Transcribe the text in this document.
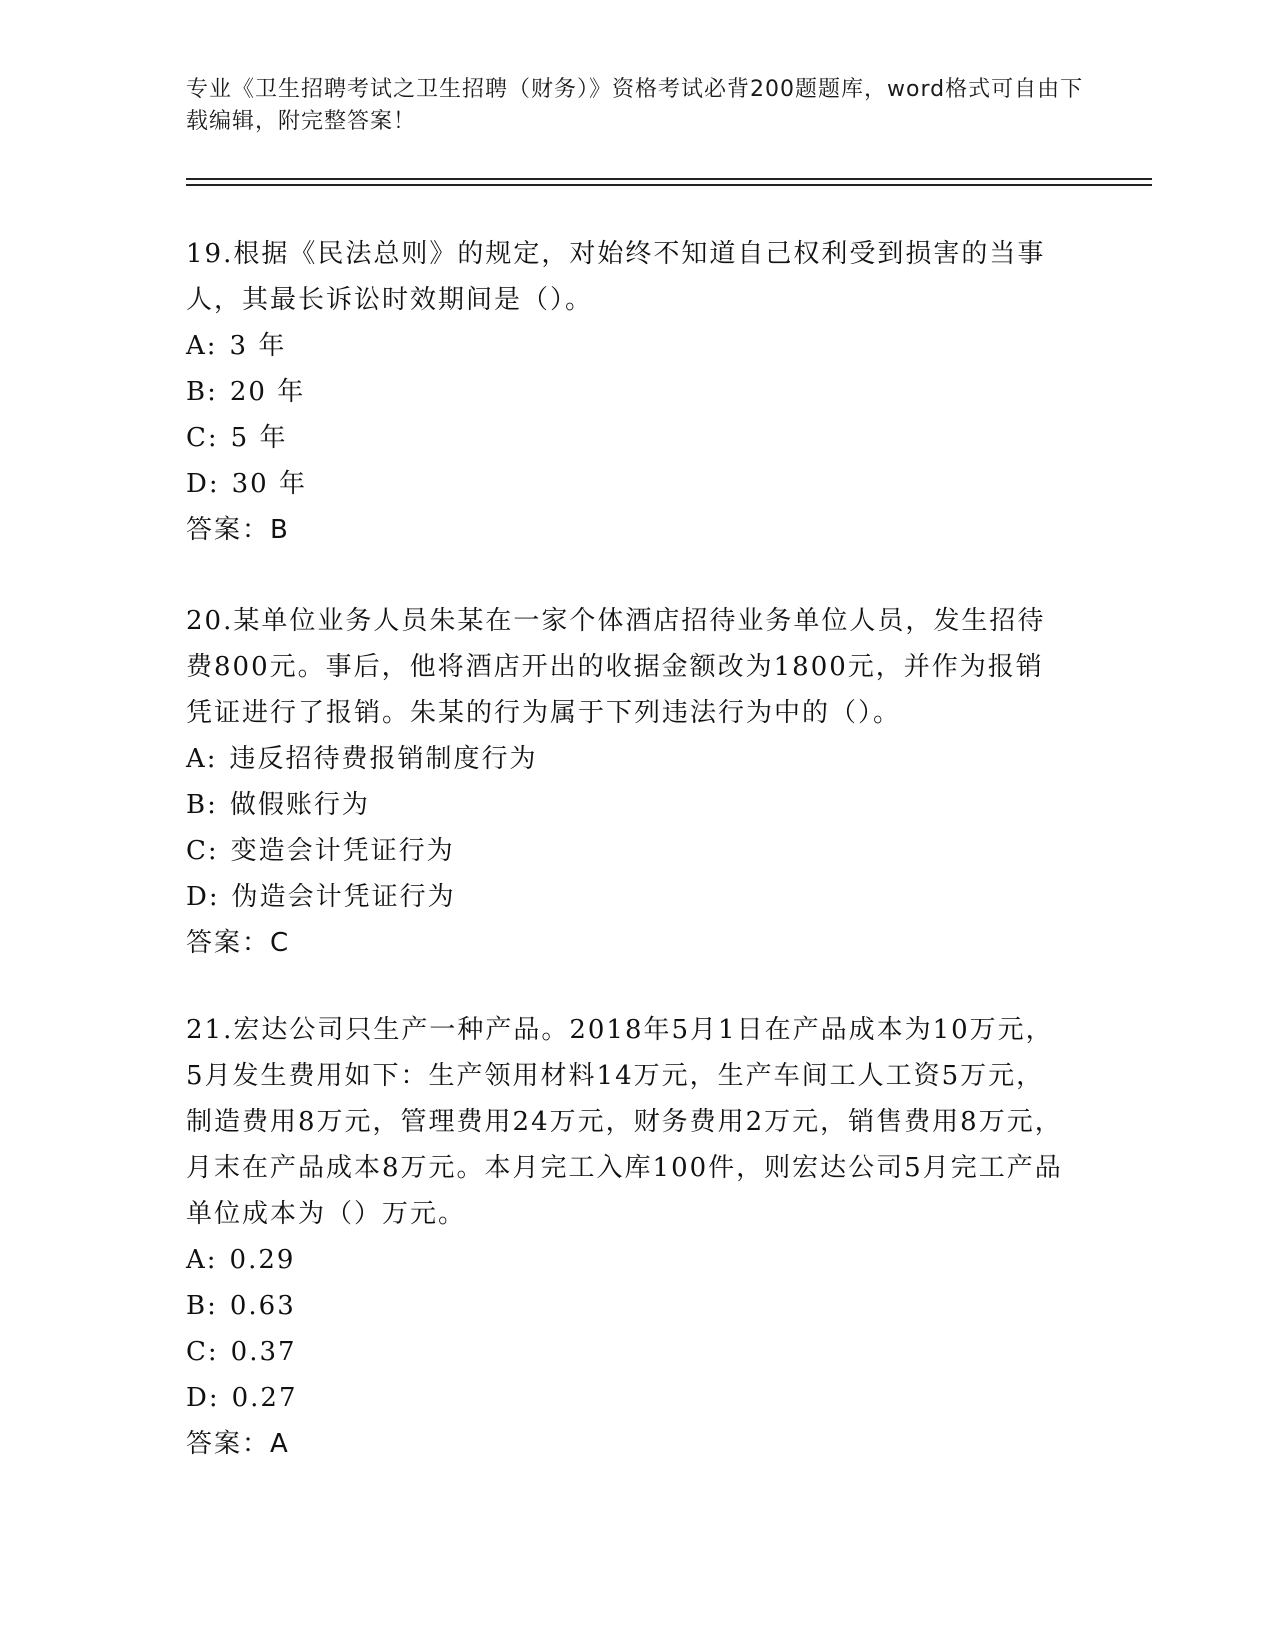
专业《卫生招聘考试之卫生招聘（财务）》资格考试必背200题题库，word格式可自由下载编辑，附完整答案！

19.根据《民法总则》的规定，对始终不知道自己权利受到损害的当事人，其最长诉讼时效期间是（）。

A: 3 年

B: 20 年

C: 5 年

D: 30 年

答案：B

20.某单位业务人员朱某在一家个体酒店招待业务单位人员，发生招待费800元。事后，他将酒店开出的收据金额改为1800元，并作为报销凭证进行了报销。朱某的行为属于下列违法行为中的（）。

A: 违反招待费报销制度行为

B: 做假账行为

C: 变造会计凭证行为

D: 伪造会计凭证行为

答案：C

21.宏达公司只生产一种产品。2018年5月1日在产品成本为10万元，5月发生费用如下：生产领用材料14万元，生产车间工人工资5万元，制造费用8万元，管理费用24万元，财务费用2万元，销售费用8万元，月末在产品成本8万元。本月完工入库100件，则宏达公司5月完工产品单位成本为（）万元。

A: 0.29

B: 0.63

C: 0.37

D: 0.27

答案：A
